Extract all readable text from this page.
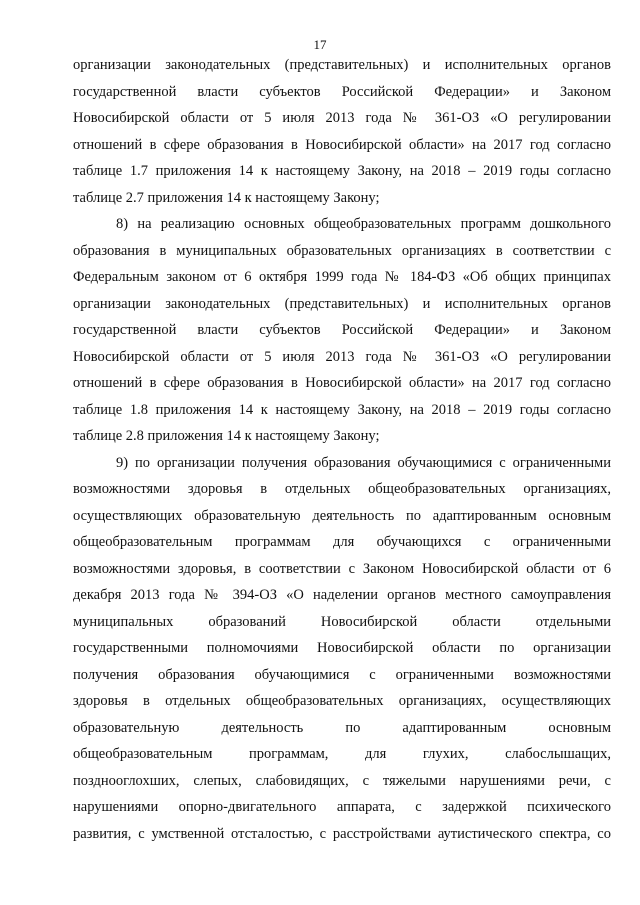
17
организации законодательных (представительных) и исполнительных органов
государственной власти субъектов Российской Федерации» и Законом
Новосибирской области от 5 июля 2013 года № 361-ОЗ «О регулировании
отношений в сфере образования в Новосибирской области» на 2017 год согласно
таблице 1.7 приложения 14 к настоящему Закону, на 2018 – 2019 годы согласно
таблице 2.7 приложения 14 к настоящему Закону;
8) на реализацию основных общеобразовательных программ дошкольного
образования в муниципальных образовательных организациях в соответствии с
Федеральным законом от 6 октября 1999 года № 184-ФЗ «Об общих принципах
организации законодательных (представительных) и исполнительных органов
государственной власти субъектов Российской Федерации» и Законом
Новосибирской области от 5 июля 2013 года № 361-ОЗ «О регулировании
отношений в сфере образования в Новосибирской области» на 2017 год согласно
таблице 1.8 приложения 14 к настоящему Закону, на 2018 – 2019 годы согласно
таблице 2.8 приложения 14 к настоящему Закону;
9) по организации получения образования обучающимися с ограниченными
возможностями здоровья в отдельных общеобразовательных организациях,
осуществляющих образовательную деятельность по адаптированным основным
общеобразовательным программам для обучающихся с ограниченными
возможностями здоровья, в соответствии с Законом Новосибирской области от 6
декабря 2013 года № 394-ОЗ «О наделении органов местного самоуправления
муниципальных образований Новосибирской области отдельными
государственными полномочиями Новосибирской области по организации
получения образования обучающимися с ограниченными возможностями
здоровья в отдельных общеобразовательных организациях, осуществляющих
образовательную деятельность по адаптированным основным
общеобразовательным программам, для глухих, слабослышащих,
позднооглохших, слепых, слабовидящих, с тяжелыми нарушениями речи, с
нарушениями опорно-двигательного аппарата, с задержкой психического
развития, с умственной отсталостью, с расстройствами аутистического спектра, со
